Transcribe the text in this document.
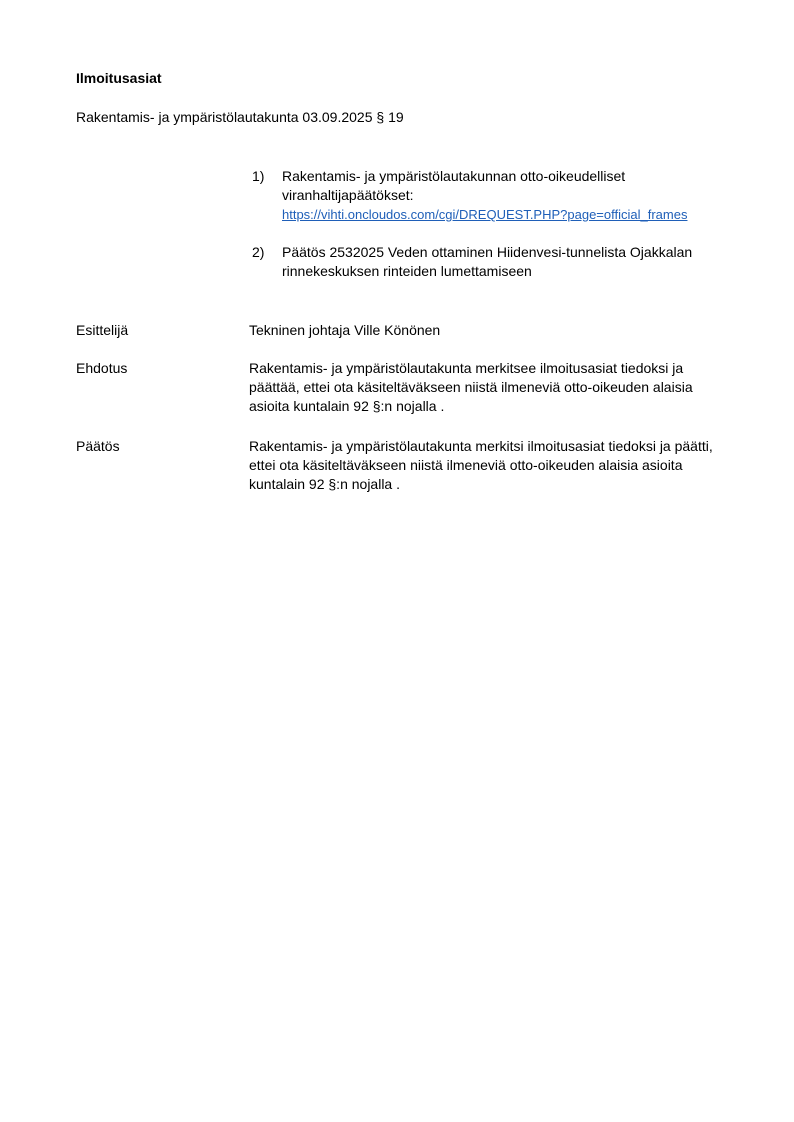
Ilmoitusasiat
Rakentamis- ja ympäristölautakunta 03.09.2025 § 19
1)	Rakentamis- ja ympäristölautakunnan otto-oikeudelliset
viranhaltijapäätökset:
https://vihti.oncloudos.com/cgi/DREQUEST.PHP?page=official_frames
2)	Päätös 2532025 Veden ottaminen Hiidenvesi-tunnelista Ojakkalan rinnekeskuksen rinteiden lumettamiseen
Esittelijä	Tekninen johtaja Ville Könönen
Ehdotus	Rakentamis- ja ympäristölautakunta merkitsee ilmoitusasiat tiedoksi ja päättää, ettei ota käsiteltäväkseen niistä ilmeneviä otto-oikeuden alaisia asioita kuntalain 92 §:n nojalla .
Päätös	Rakentamis- ja ympäristölautakunta merkitsi ilmoitusasiat tiedoksi ja päätti, ettei ota käsiteltäväkseen niistä ilmeneviä otto-oikeuden alaisia asioita kuntalain 92 §:n nojalla .
